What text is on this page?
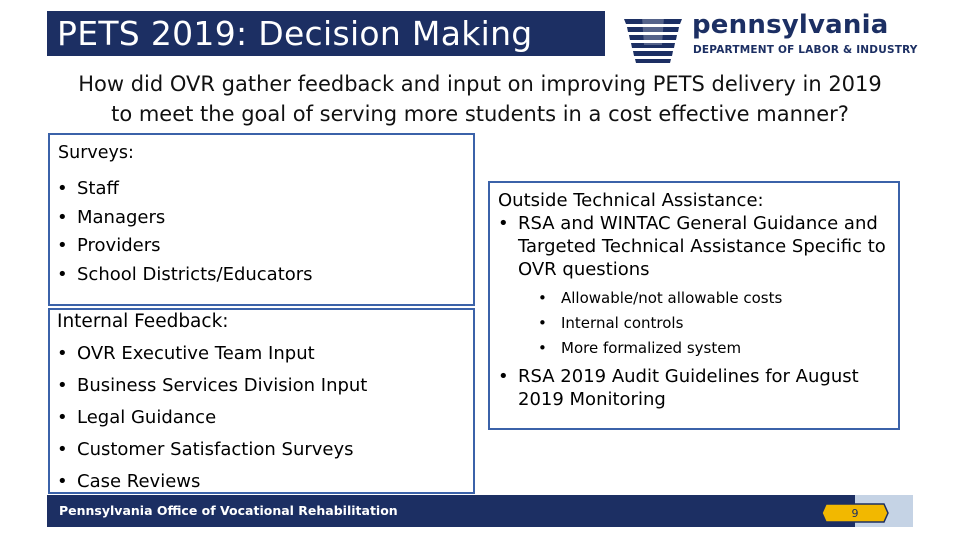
PETS 2019: Decision Making	pennsylvania
DEPARTMENT OF LABOR & INDUSTRY
How did OVR gather feedback and input on improving PETS delivery in 2019
to meet the goal of serving more students in a cost effective manner?
Surveys:
• Staff
• Managers
• Providers
• School Districts/Educators
Internal Feedback:
• OVR Executive Team Input
• Business Services Division Input
• Legal Guidance
• Customer Satisfaction Surveys
• Case Reviews
Outside Technical Assistance:
• RSA and WINTAC General Guidance and Targeted Technical Assistance Specific to OVR questions
• Allowable/not allowable costs
• Internal controls
• More formalized system
• RSA 2019 Audit Guidelines for August 2019 Monitoring
Pennsylvania Office of Vocational Rehabilitation	9
